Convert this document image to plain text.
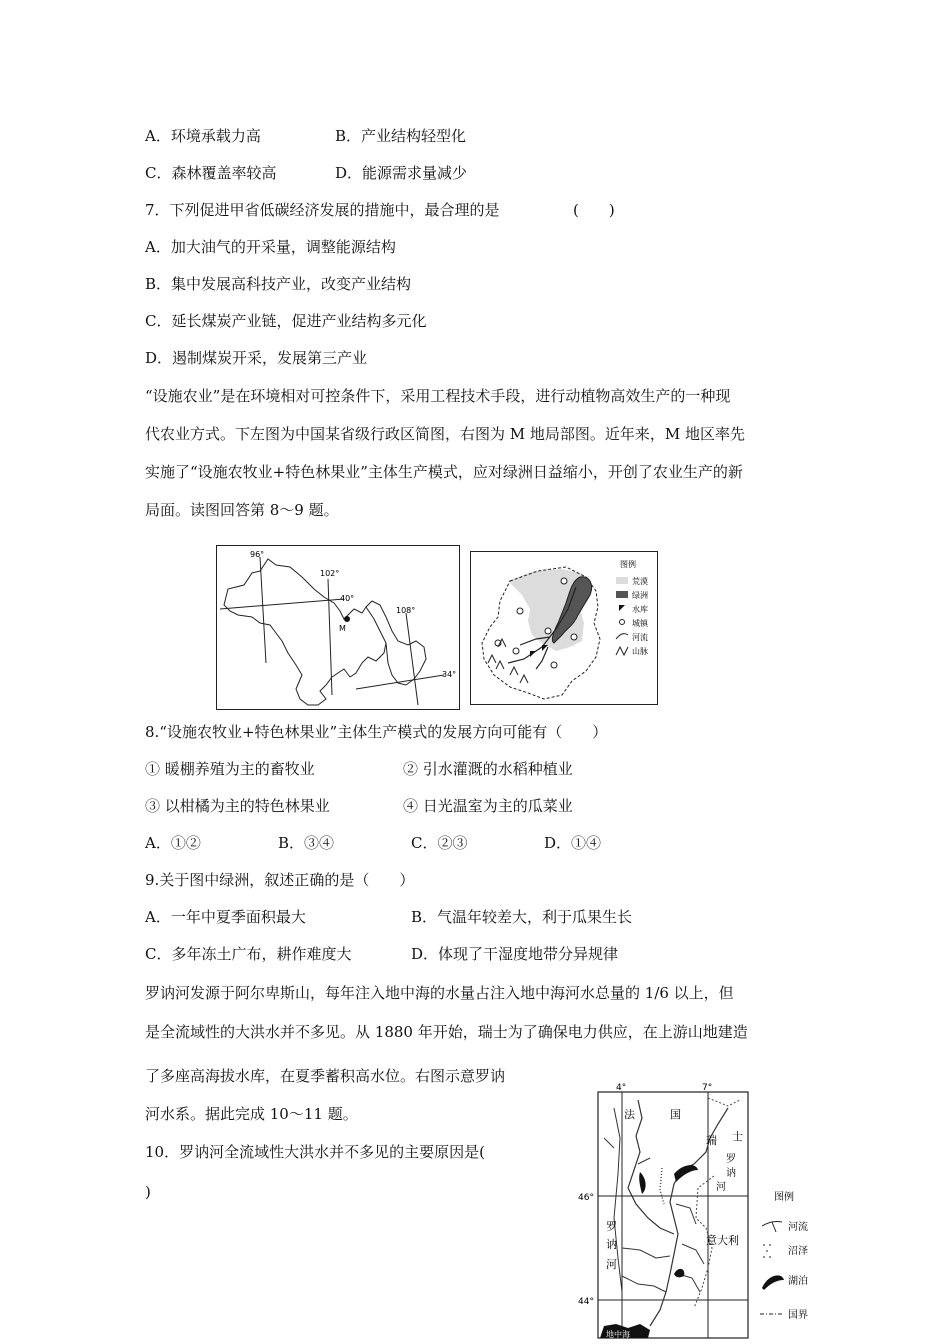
A．环境承载力高	B．产业结构轻型化
C．森林覆盖率较高	D．能源需求量减少
7．下列促进甲省低碳经济发展的措施中，最合理的是	(　　)
A．加大油气的开采量，调整能源结构
B．集中发展高科技产业，改变产业结构
C．延长煤炭产业链，促进产业结构多元化
D．遏制煤炭开采，发展第三产业
“设施农业”是在环境相对可控条件下，采用工程技术手段，进行动植物高效生产的一种现
代农业方式。下左图为中国某省级行政区简图，右图为 M 地局部图。近年来，M 地区率先
实施了“设施农牧业+特色林果业”主体生产模式，应对绿洲日益缩小，开创了农业生产的新
局面。读图回答第 8～9 题。
96°
102°
108°
40°
34°
M
图例
荒漠
绿洲
水库
城镇
河流
山脉
8.“设施农牧业+特色林果业”主体生产模式的发展方向可能有（　　）
① 暖棚养殖为主的畜牧业	② 引水灌溉的水稻种植业
③ 以柑橘为主的特色林果业	④ 日光温室为主的瓜菜业
A．①②	B．③④	C．②③	D．①④
9.关于图中绿洲，叙述正确的是（　　）
A．一年中夏季面积最大	B．气温年较差大，利于瓜果生长
C．多年冻土广布，耕作难度大	D．体现了干湿度地带分异规律
罗讷河发源于阿尔卑斯山，每年注入地中海的水量占注入地中海河水总量的 1/6 以上，但
是全流域性的大洪水并不多见。从 1880 年开始，瑞士为了确保电力供应，在上游山地建造
了多座高海拔水库，在夏季蓄积高水位。右图示意罗讷
河水系。据此完成 10～11 题。
10．罗讷河全流域性大洪水并不多见的主要原因是(
)
4°	7°
46°
44°
地中海
法	国
瑞 士
罗
讷
河
罗
讷
河
意大利
图例
河流
沼泽
湖泊
国界
